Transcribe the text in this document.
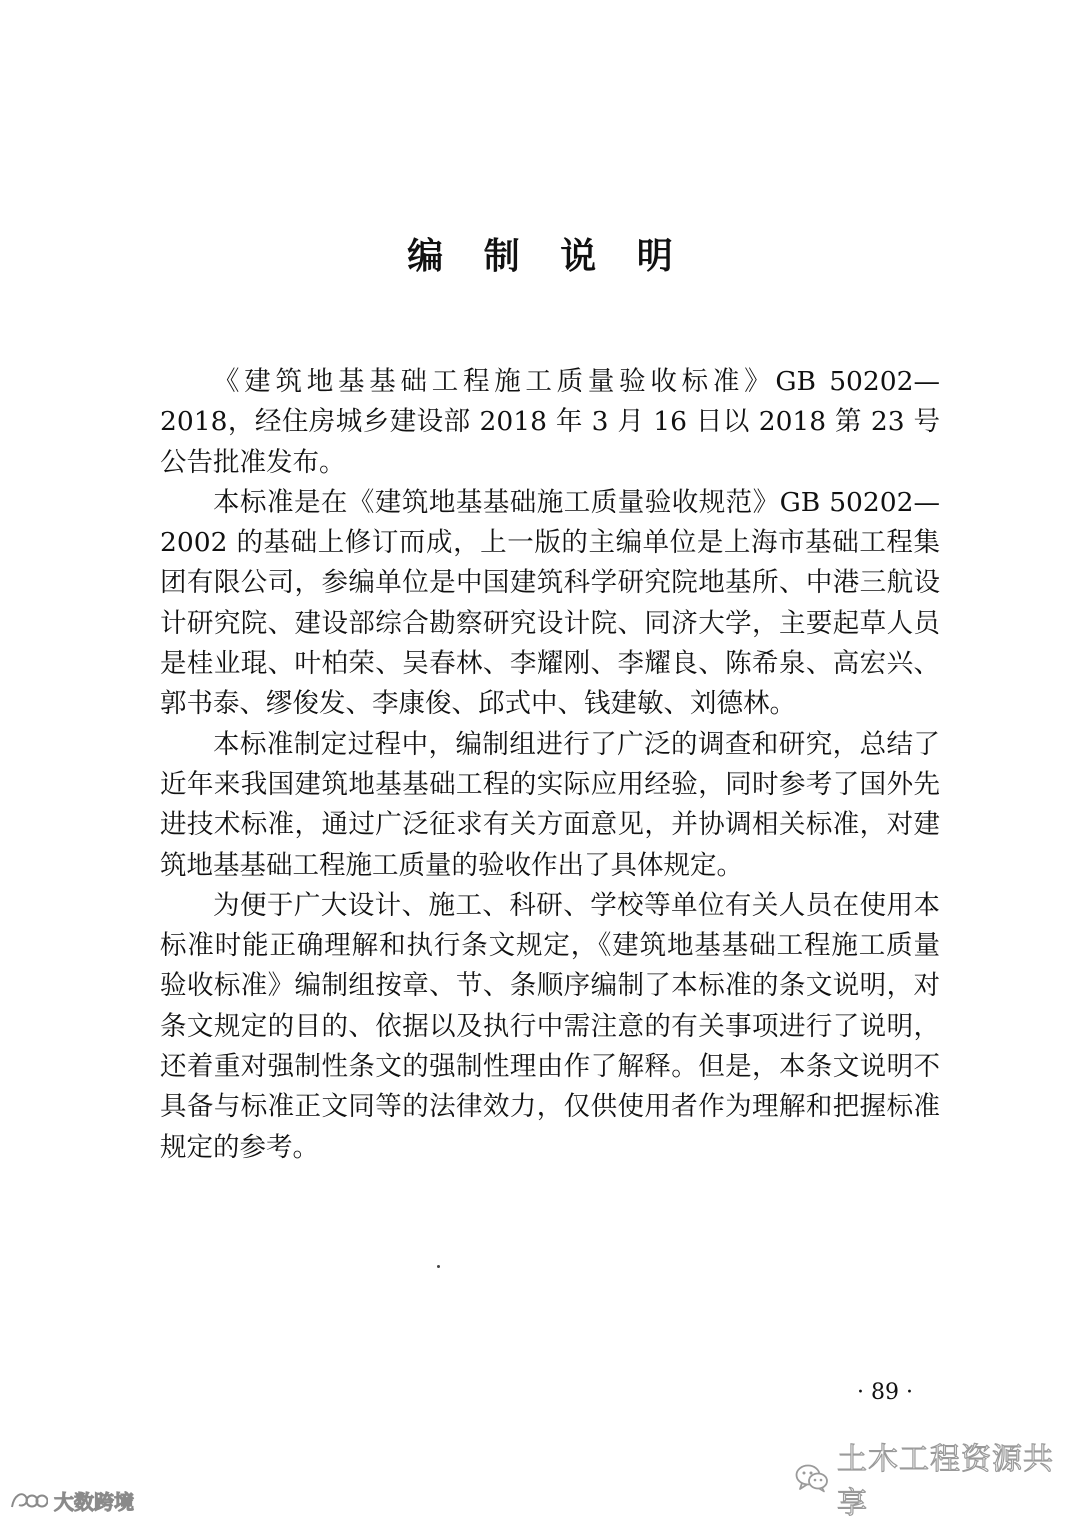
编 制 说 明

《建筑地基基础工程施工质量验收标准》GB 50202—2018，经住房城乡建设部 2018 年 3 月 16 日以 2018 第 23 号公告批准发布。

本标准是在《建筑地基基础施工质量验收规范》GB 50202—2002 的基础上修订而成，上一版的主编单位是上海市基础工程集团有限公司，参编单位是中国建筑科学研究院地基所、中港三航设计研究院、建设部综合勘察研究设计院、同济大学，主要起草人员是桂业琨、叶柏荣、吴春林、李耀刚、李耀良、陈希泉、高宏兴、郭书泰、缪俊发、李康俊、邱式中、钱建敏、刘德林。

本标准制定过程中，编制组进行了广泛的调查和研究，总结了近年来我国建筑地基基础工程的实际应用经验，同时参考了国外先进技术标准，通过广泛征求有关方面意见，并协调相关标准，对建筑地基基础工程施工质量的验收作出了具体规定。

为便于广大设计、施工、科研、学校等单位有关人员在使用本标准时能正确理解和执行条文规定，《建筑地基基础工程施工质量验收标准》编制组按章、节、条顺序编制了本标准的条文说明，对条文规定的目的、依据以及执行中需注意的有关事项进行了说明，还着重对强制性条文的强制性理由作了解释。但是，本条文说明不具备与标准正文同等的法律效力，仅供使用者作为理解和把握标准规定的参考。

· 89 ·
土木工程资源共享
大数跨境
